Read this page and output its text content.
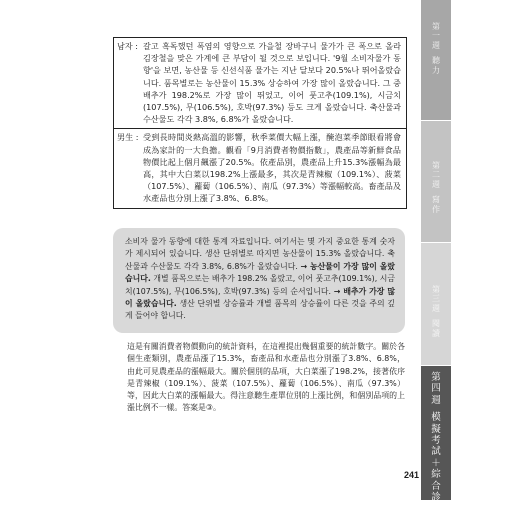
남자 : 갈고 혹독했던 폭염의 영향으로 가을철 장바구니 물가가 큰 폭으로 올라 김장철을 맞은 가계에 큰 부담이 될 것으로 보입니다. '9월 소비자물가 동향'을 보면, 농산물 등 신선식품 물가는 지난 달보다 20.5%나 뛰어올랐습니다. 품목별로는 농산물이 15.3% 상승하여 가장 많이 올랐습니다. 그 중 배추가 198.2%로 가장 많이 뛰었고, 이어 풋고추(109.1%), 시금치(107.5%), 무(106.5%), 호박(97.3%) 등도 크게 올랐습니다. 축산물과 수산물도 각각 3.8%, 6.8%가 올랐습니다.
男生 : 受到長時間炎熱高溫的影響，秋季菜價大幅上漲，醃泡菜季節眼看將會成為家計的一大負擔。觀看「9月消費者物價指數」，農產品等新鮮食品物價比起上個月飆漲了20.5%。依產品別，農產品上升15.3%漲幅為最高，其中大白菜以198.2%上漲最多，其次是青辣椒（109.1%）、菠菜（107.5%）、蘿蔔（106.5%）、南瓜（97.3%）等漲幅較高。畜產品及水產品也分別上漲了3.8%、6.8%。
소비자 물가 동향에 대한 통계 자료입니다. 여기서는 몇 가지 중요한 통계 숫자가 제시되어 있습니다. 생산 단위별로 따지면 농산물이 15.3% 올랐습니다. 축산물과 수산물도 각각 3.8%, 6.8%가 올랐습니다. → 농산물이 가장 많이 올랐습니다. 개별 품목으로는 배추가 198.2% 올랐고, 이어 풋고추(109.1%), 시금치(107.5%), 무(106.5%), 호박(97.3%) 등의 순서입니다. → 배추가 가장 많이 올랐습니다. 생산 단위별 상승률과 개별 품목의 상승률이 다른 것을 주의 깊게 들어야 합니다.
這是有關消費者物價動向的統計資料，在這裡提出幾個重要的統計數字。關於各個生產類別，農產品漲了15.3%，畜產品和水產品也分別漲了3.8%、6.8%，由此可見農產品的漲幅最大。關於個別的品項，大白菜漲了198.2%，接著依序是青辣椒（109.1%）、菠菜（107.5%）、蘿蔔（106.5%）、南瓜（97.3%）等，因此大白菜的漲幅最大。得注意聽生產單位別的上漲比例，和個別品項的上漲比例不一樣。答案是③。
241
第
一
週
聽
力
第
二
週
寫
作
第
三
週
閱
讀
第
四
週
模
擬
考
試
＋
綜
合
診
斷
